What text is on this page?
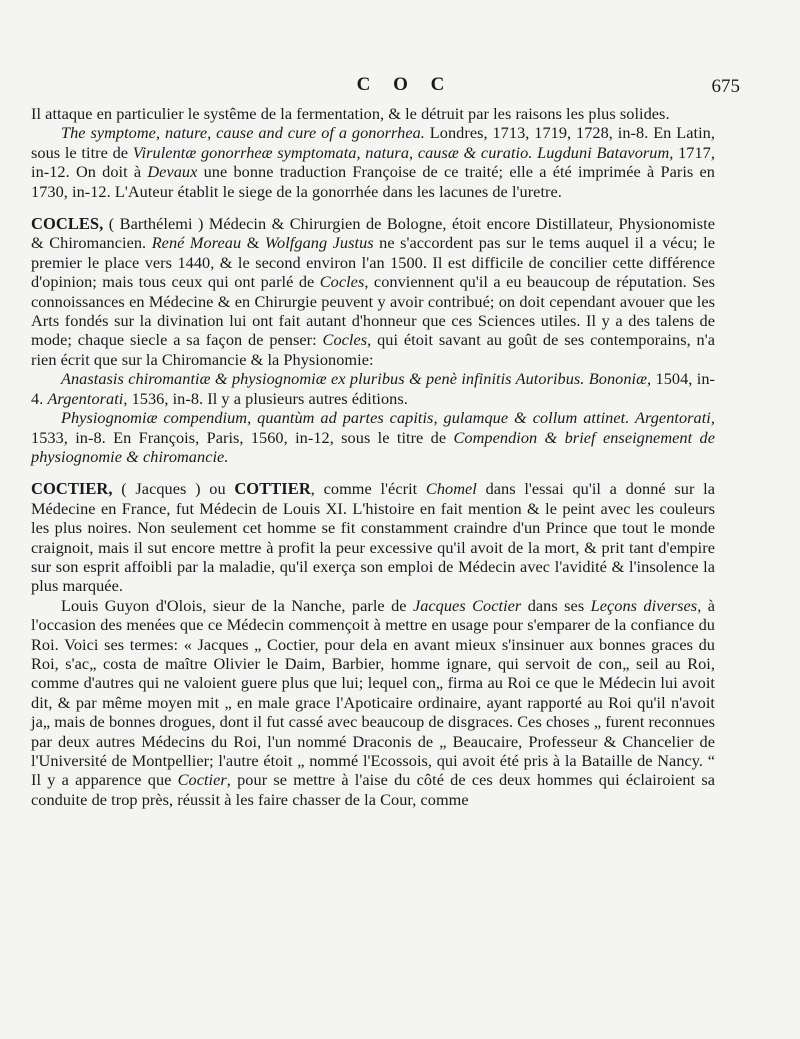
C O C	675

Il attaque en particulier le systême de la fermentation, & le détruit par les raisons les plus solides.

The symptome, nature, cause and cure of a gonorrhea. Londres, 1713, 1719, 1728, in-8. En Latin, sous le titre de Virulentæ gonorrheæ symptomata, natura, causæ & curatio. Lugduni Batavorum, 1717, in-12. On doit à Devaux une bonne traduction Françoise de ce traité; elle a été imprimée à Paris en 1730, in-12. L'Auteur établit le siege de la gonorrhée dans les lacunes de l'uretre.

COCLES, ( Barthélemi ) Médecin & Chirurgien de Bologne, étoit encore Distillateur, Physionomiste & Chiromancien. René Moreau & Wolfgang Justus ne s'accordent pas sur le tems auquel il a vécu; le premier le place vers 1440, & le second environ l'an 1500. Il est difficile de concilier cette différence d'opinion; mais tous ceux qui ont parlé de Cocles, conviennent qu'il a eu beaucoup de réputation. Ses connoissances en Médecine & en Chirurgie peuvent y avoir contribué; on doit cependant avouer que les Arts fondés sur la divination lui ont fait autant d'honneur que ces Sciences utiles. Il y a des talens de mode; chaque siecle a sa façon de penser: Cocles, qui étoit savant au goût de ses contemporains, n'a rien écrit que sur la Chiromancie & la Physionomie:

Anastasis chiromantiæ & physiognomiæ ex pluribus & penè infinitis Autoribus. Bononiæ, 1504, in-4. Argentorati, 1536, in-8. Il y a plusieurs autres éditions.

Physiognomiæ compendium, quantùm ad partes capitis, gulamque & collum attinet. Argentorati, 1533, in-8. En François, Paris, 1560, in-12, sous le titre de Compendion & brief enseignement de physiognomie & chiromancie.

COCTIER, ( Jacques ) ou COTTIER, comme l'écrit Chomel dans l'essai qu'il a donné sur la Médecine en France, fut Médecin de Louis XI. L'histoire en fait mention & le peint avec les couleurs les plus noires. Non seulement cet homme se fit constamment craindre d'un Prince que tout le monde craignoit, mais il sut encore mettre à profit la peur excessive qu'il avoit de la mort, & prit tant d'empire sur son esprit affoibli par la maladie, qu'il exerça son emploi de Médecin avec l'avidité & l'insolence la plus marquée.

Louis Guyon d'Olois, sieur de la Nanche, parle de Jacques Coctier dans ses Leçons diverses, à l'occasion des menées que ce Médecin commençoit à mettre en usage pour s'emparer de la confiance du Roi. Voici ses termes: « Jacques „ Coctier, pour dela en avant mieux s'insinuer aux bonnes graces du Roi, s'ac„ costa de maître Olivier le Daim, Barbier, homme ignare, qui servoit de con„ seil au Roi, comme d'autres qui ne valoient guere plus que lui; lequel con„ firma au Roi ce que le Médecin lui avoit dit, & par même moyen mit „ en male grace l'Apoticaire ordinaire, ayant rapporté au Roi qu'il n'avoit ja„ mais de bonnes drogues, dont il fut cassé avec beaucoup de disgraces. Ces choses „ furent reconnues par deux autres Médecins du Roi, l'un nommé Draconis de „ Beaucaire, Professeur & Chancelier de l'Université de Montpellier; l'autre étoit „ nommé l'Ecossois, qui avoit été pris à la Bataille de Nancy. “ Il y a apparence que Coctier, pour se mettre à l'aise du côté de ces deux hommes qui éclairoient sa conduite de trop près, réussit à les faire chasser de la Cour, comme
